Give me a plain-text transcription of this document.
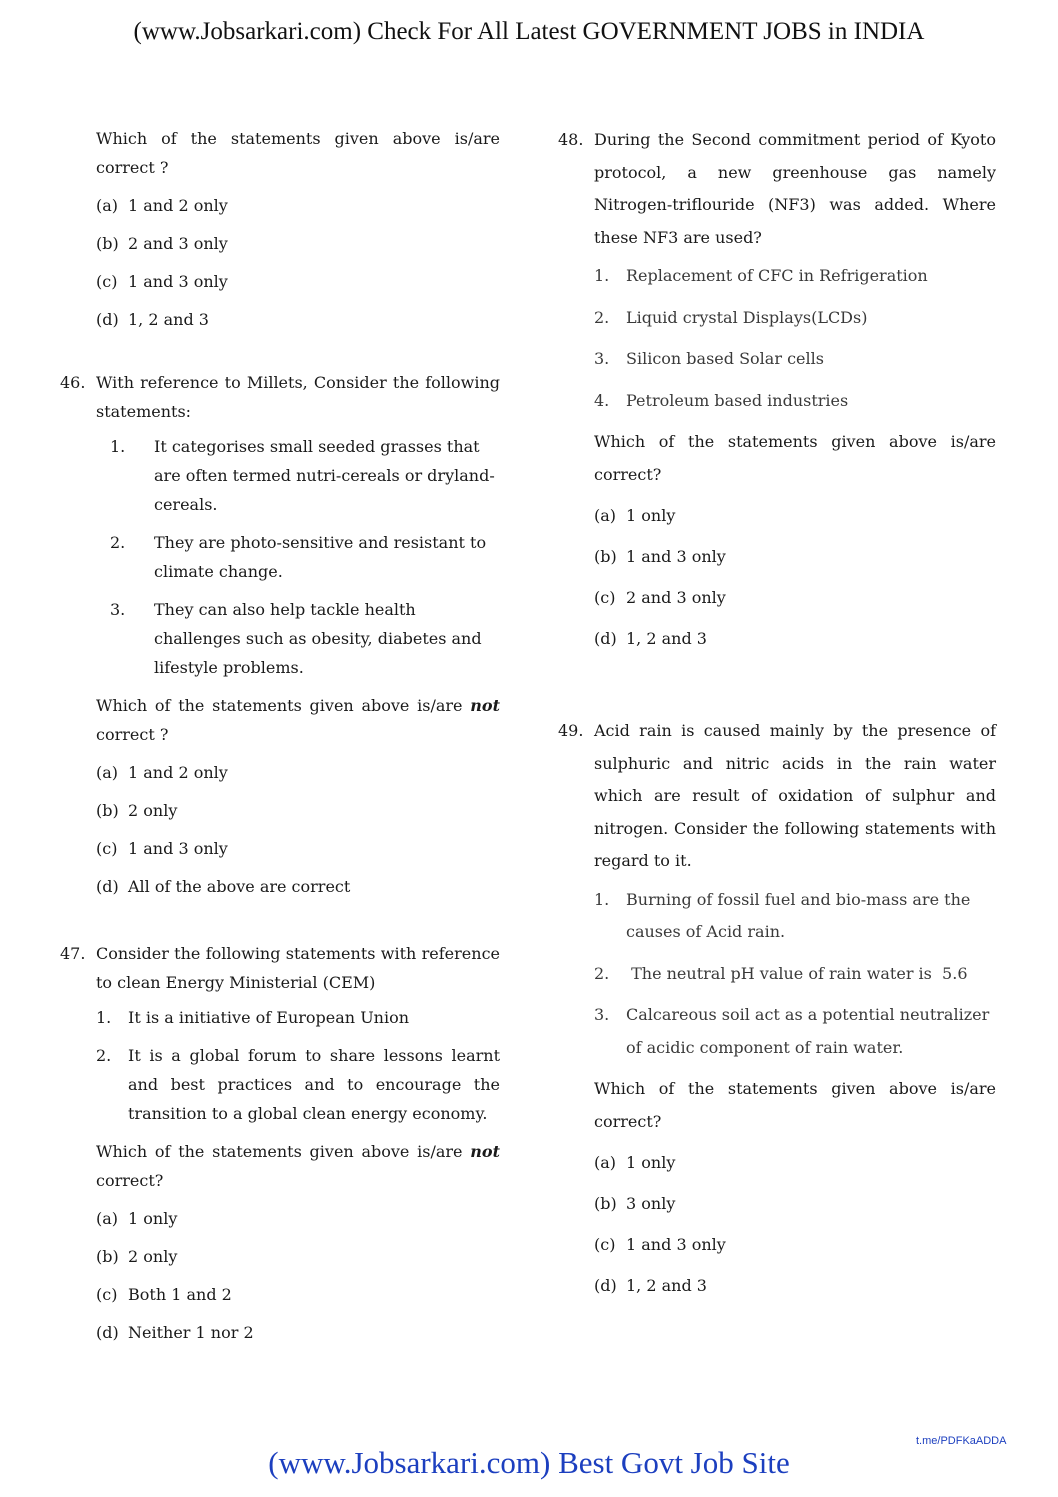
(www.Jobsarkari.com) Check For All Latest GOVERNMENT JOBS in INDIA

Which of the statements given above is/are correct ?

(a) 1 and 2 only
(b) 2 and 3 only
(c) 1 and 3 only
(d) 1, 2 and 3
46. With reference to Millets, Consider the following statements:

1. It categorises small seeded grasses that are often termed nutri-cereals or dryland-cereals.

2. They are photo-sensitive and resistant to climate change.

3. They can also help tackle health challenges such as obesity, diabetes and lifestyle problems.

Which of the statements given above is/are not correct ?

(a) 1 and 2 only
(b) 2 only
(c) 1 and 3 only
(d) All of the above are correct
47. Consider the following statements with reference to clean Energy Ministerial (CEM)

1. It is a initiative of European Union

2. It is a global forum to share lessons learnt and best practices and to encourage the transition to a global clean energy economy.

Which of the statements given above is/are not correct?

(a) 1 only
(b) 2 only
(c) Both 1 and 2
(d) Neither 1 nor 2
48. During the Second commitment period of Kyoto protocol, a new greenhouse gas namely Nitrogen-triflouride (NF3) was added. Where these NF3 are used?

1. Replacement of CFC in Refrigeration

2. Liquid crystal Displays(LCDs)

3. Silicon based Solar cells

4. Petroleum based industries

Which of the statements given above is/are correct?

(a) 1 only
(b) 1 and 3 only
(c) 2 and 3 only
(d) 1, 2 and 3
49. Acid rain is caused mainly by the presence of sulphuric and nitric acids in the rain water which are result of oxidation of sulphur and nitrogen. Consider the following statements with regard to it.

1. Burning of fossil fuel and bio-mass are the causes of Acid rain.

2. The neutral pH value of rain water is  5.6

3. Calcareous soil act as a potential neutralizer of acidic component of rain water.

Which of the statements given above is/are correct?

(a) 1 only
(b) 3 only
(c) 1 and 3 only
(d) 1, 2 and 3
t.me/PDFKaADDA
(www.Jobsarkari.com) Best Govt Job Site
